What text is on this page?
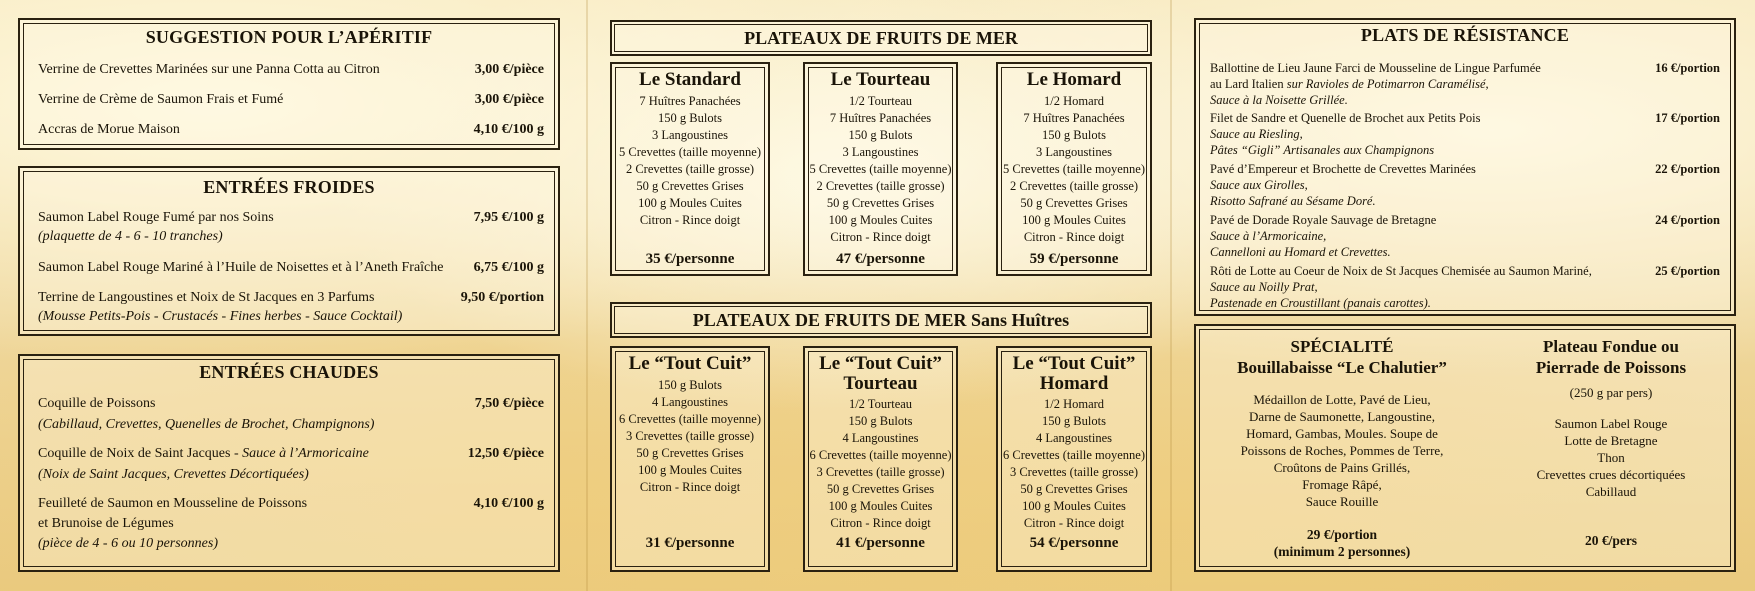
SUGGESTION POUR L’APÉRITIF
Verrine de Crevettes Marinées sur une Panna Cotta au Citron	3,00 €/pièce
Verrine de Crème de Saumon Frais et Fumé	3,00 €/pièce
Accras de Morue Maison	4,10 €/100 g
ENTRÉES FROIDES
Saumon Label Rouge Fumé par nos Soins	7,95 €/100 g
(plaquette de 4 - 6 - 10 tranches)
Saumon Label Rouge Mariné à l’Huile de Noisettes et à l’Aneth Fraîche 6,75 €/100 g
Terrine de Langoustines et Noix de St Jacques en 3 Parfums	9,50 €/portion
(Mousse Petits-Pois - Crustacés - Fines herbes - Sauce Cocktail)
ENTRÉES CHAUDES
Coquille de Poissons	7,50 €/pièce
(Cabillaud, Crevettes, Quenelles de Brochet, Champignons)
Coquille de Noix de Saint Jacques - Sauce à l’Armoricaine	12,50 €/pièce
(Noix de Saint Jacques, Crevettes Décortiquées)
Feuilleté de Saumon en Mousseline de Poissons	4,10 €/100 g
et Brunoise de Légumes
(pièce de 4 - 6 ou 10 personnes)
PLATEAUX DE FRUITS DE MER
Le Standard
7 Huîtres Panachées
150 g Bulots
3 Langoustines
5 Crevettes (taille moyenne)
2 Crevettes (taille grosse)
50 g Crevettes Grises
100 g Moules Cuites
Citron - Rince doigt
35 €/personne
Le Tourteau
1/2 Tourteau
7 Huîtres Panachées
150 g Bulots
3 Langoustines
5 Crevettes (taille moyenne)
2 Crevettes (taille grosse)
50 g Crevettes Grises
100 g Moules Cuites
Citron - Rince doigt
47 €/personne
Le Homard
1/2 Homard
7 Huîtres Panachées
150 g Bulots
3 Langoustines
5 Crevettes (taille moyenne)
2 Crevettes (taille grosse)
50 g Crevettes Grises
100 g Moules Cuites
Citron - Rince doigt
59 €/personne
PLATEAUX DE FRUITS DE MER Sans Huîtres
Le “Tout Cuit”
150 g Bulots
4 Langoustines
6 Crevettes (taille moyenne)
3 Crevettes (taille grosse)
50 g Crevettes Grises
100 g Moules Cuites
Citron - Rince doigt
31 €/personne
Le “Tout Cuit”
Tourteau
1/2 Tourteau
150 g Bulots
4 Langoustines
6 Crevettes (taille moyenne)
3 Crevettes (taille grosse)
50 g Crevettes Grises
100 g Moules Cuites
Citron - Rince doigt
41 €/personne
Le “Tout Cuit”
Homard
1/2 Homard
150 g Bulots
4 Langoustines
6 Crevettes (taille moyenne)
3 Crevettes (taille grosse)
50 g Crevettes Grises
100 g Moules Cuites
Citron - Rince doigt
54 €/personne
PLATS DE RÉSISTANCE
Ballottine de Lieu Jaune Farci de Mousseline de Lingue Parfumée
au Lard Italien sur Ravioles de Potimarron Caramélisé,
Sauce à la Noisette Grillée.
16 €/portion
Filet de Sandre et Quenelle de Brochet aux Petits Pois
Sauce au Riesling,
Pâtes “Gigli” Artisanales aux Champignons
17 €/portion
Pavé d’Empereur et Brochette de Crevettes Marinées
Sauce aux Girolles,
Risotto Safrané au Sésame Doré.
22 €/portion
Pavé de Dorade Royale Sauvage de Bretagne
Sauce à l’Armoricaine,
Cannelloni au Homard et Crevettes.
24 €/portion
Rôti de Lotte au Coeur de Noix de St Jacques Chemisée au Saumon Mariné,
Sauce au Noilly Prat,
Pastenade en Croustillant (panais carottes).
25 €/portion
SPÉCIALITÉ
Bouillabaisse “Le Chalutier”
Médaillon de Lotte, Pavé de Lieu,
Darne de Saumonette, Langoustine,
Homard, Gambas, Moules. Soupe de
Poissons de Roches, Pommes de Terre,
Croûtons de Pains Grillés,
Fromage Râpé,
Sauce Rouille
29 €/portion
(minimum 2 personnes)
Plateau Fondue ou
Pierrade de Poissons
(250 g par pers)
Saumon Label Rouge
Lotte de Bretagne
Thon
Crevettes crues décortiquées
Cabillaud
20 €/pers
